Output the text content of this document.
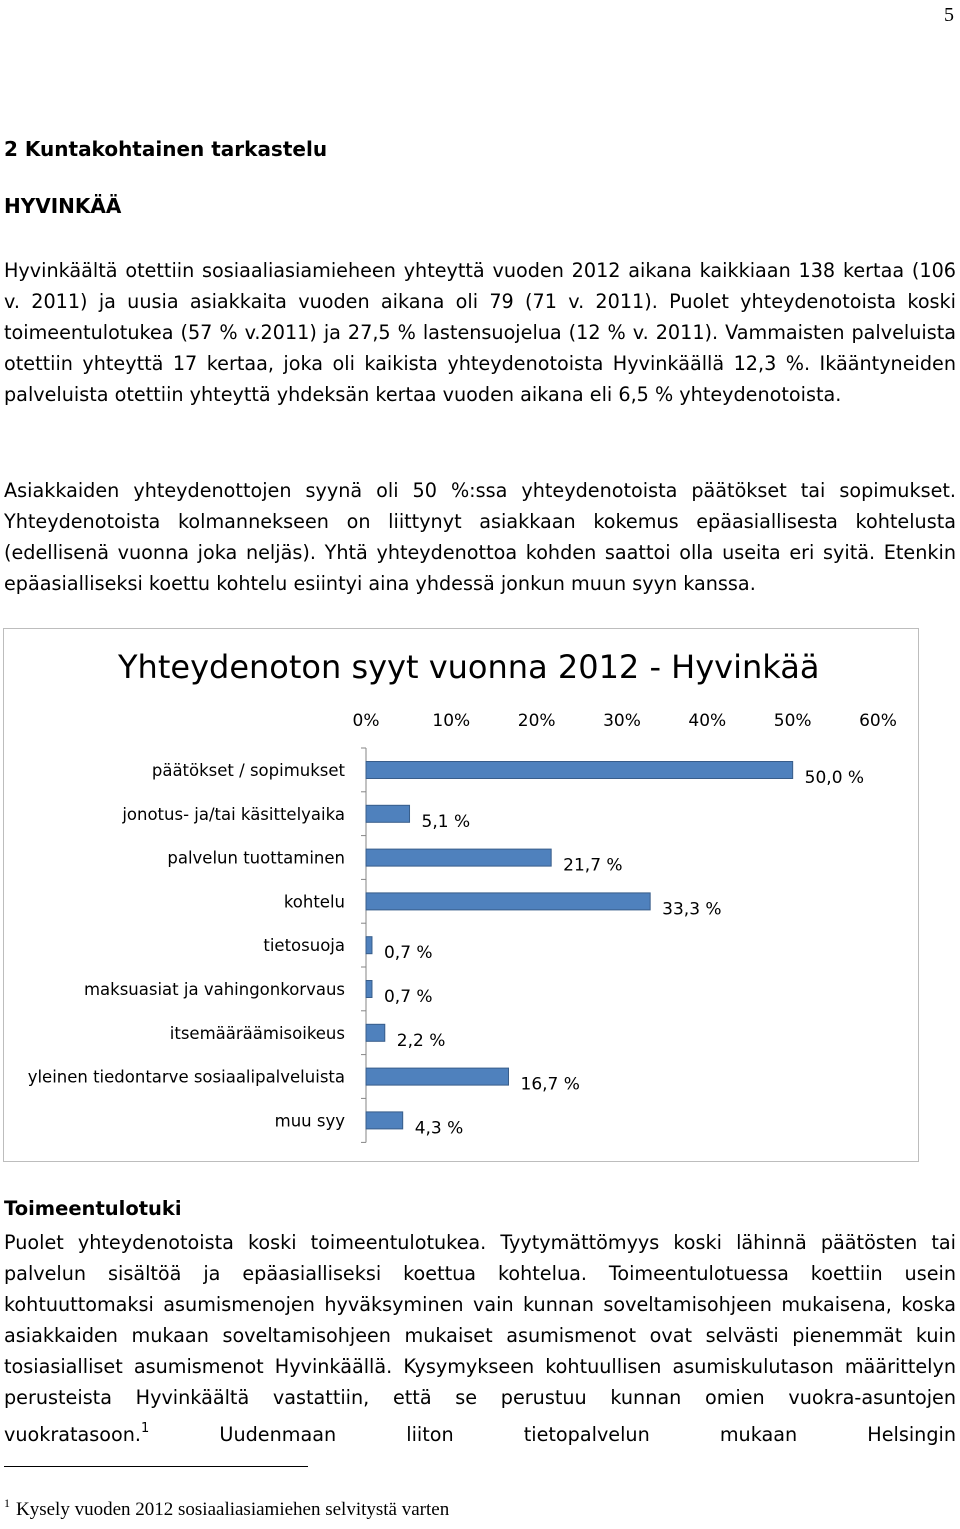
5
2 Kuntakohtainen tarkastelu
HYVINKÄÄ

Hyvinkäältä otettiin sosiaaliasiamieheen yhteyttä vuoden 2012 aikana kaikkiaan 138 kertaa (106 v. 2011) ja uusia asiakkaita vuoden aikana oli 79 (71 v. 2011). Puolet yhteydenotoista koski toimeentulotukea (57 % v.2011) ja 27,5 % lastensuojelua (12 % v. 2011). Vammaisten palveluista otettiin yhteyttä 17 kertaa, joka oli kaikista yhteydenotoista Hyvinkäällä 12,3 %. Ikääntyneiden palveluista otettiin yhteyttä yhdeksän kertaa vuoden aikana eli 6,5 % yhteydenotoista.

Asiakkaiden yhteydenottojen syynä oli 50 %:ssa yhteydenotoista päätökset tai sopimukset. Yhteydenotoista kolmannekseen on liittynyt asiakkaan kokemus epäasiallisesta kohtelusta (edellisenä vuonna joka neljäs). Yhtä yhteydenottoa kohden saattoi olla useita eri syitä. Etenkin epäasialliseksi koettu kohtelu esiintyi aina yhdessä jonkun muun syyn kanssa.

Yhteydenoton syyt vuonna 2012 - Hyvinkää
0%	10%	20%	30%	40%	50%	60%
päätökset / sopimukset	50,0 %
jonotus- ja/tai käsittelyaika	5,1 %
palvelun tuottaminen	21,7 %
kohtelu	33,3 %
tietosuoja 0,7 %
maksuasiat ja vahingonkorvaus 0,7 %
itsemääräämisoikeus	2,2 %
yleinen tiedontarve sosiaalipalveluista	16,7 %
muu syy	4,3 %
Toimeentulotuki

Puolet yhteydenotoista koski toimeentulotukea. Tyytymättömyys koski lähinnä päätösten tai palvelun sisältöä ja epäasialliseksi koettua kohtelua. Toimeentulotuessa koettiin usein kohtuuttomaksi asumismenojen hyväksyminen vain kunnan soveltamisohjeen mukaisena, koska asiakkaiden mukaan soveltamisohjeen mukaiset asumismenot ovat selvästi pienemmät kuin tosiasialliset asumismenot Hyvinkäällä. Kysymykseen kohtuullisen asumiskulutason määrittelyn perusteista Hyvinkäältä vastattiin, että se perustuu kunnan omien vuokra-asuntojen vuokratasoon.$^1$ Uudenmaan liiton tietopalvelun mukaan Helsingin

$^1$ Kysely vuoden 2012 sosiaaliasiamiehen selvitystä varten
